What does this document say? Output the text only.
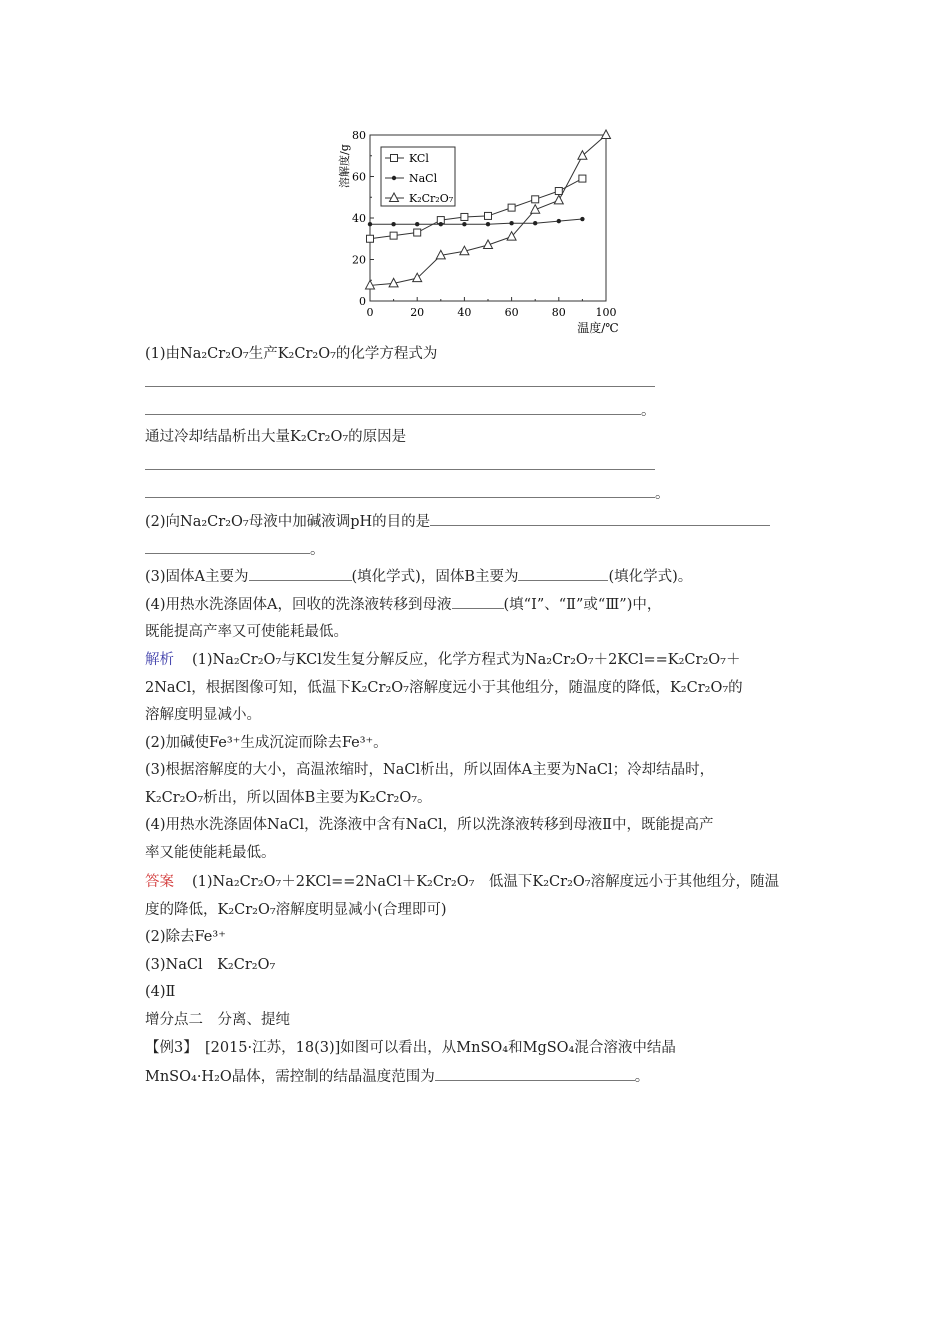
0	20	40	60	80	100
0
20
40
60
80
温度/℃
溶解度/g	KCl
NaCl
K₂Cr₂O₇
(1)由Na₂Cr₂O₇生产K₂Cr₂O₇的化学方程式为
。
通过冷却结晶析出大量K₂Cr₂O₇的原因是
。
(2)向Na₂Cr₂O₇母液中加碱液调pH的目的是
。
(3)固体A主要为	(填化学式)，固体B主要为	(填化学式)。
(4)用热水洗涤固体A，回收的洗涤液转移到母液	(填“Ⅰ”、“Ⅱ”或“Ⅲ”)中，
既能提高产率又可使能耗最低。
解析 (1)Na₂Cr₂O₇与KCl发生复分解反应，化学方程式为Na₂Cr₂O₇＋2KCl==K₂Cr₂O₇＋
2NaCl，根据图像可知，低温下K₂Cr₂O₇溶解度远小于其他组分，随温度的降低，K₂Cr₂O₇的
溶解度明显减小。
(2)加碱使Fe³⁺生成沉淀而除去Fe³⁺。
(3)根据溶解度的大小，高温浓缩时，NaCl析出，所以固体A主要为NaCl；冷却结晶时，
K₂Cr₂O₇析出，所以固体B主要为K₂Cr₂O₇。
(4)用热水洗涤固体NaCl，洗涤液中含有NaCl，所以洗涤液转移到母液Ⅱ中，既能提高产
率又能使能耗最低。
答案 (1)Na₂Cr₂O₇＋2KCl==2NaCl＋K₂Cr₂O₇　低温下K₂Cr₂O₇溶解度远小于其他组分，随温
度的降低，K₂Cr₂O₇溶解度明显减小(合理即可)
(2)除去Fe³⁺
(3)NaCl　K₂Cr₂O₇
(4)Ⅱ
增分点二　分离、提纯
【例3】　[2015·江苏，18(3)]如图可以看出，从MnSO₄和MgSO₄混合溶液中结晶
MnSO₄·H₂O晶体，需控制的结晶温度范围为	。
